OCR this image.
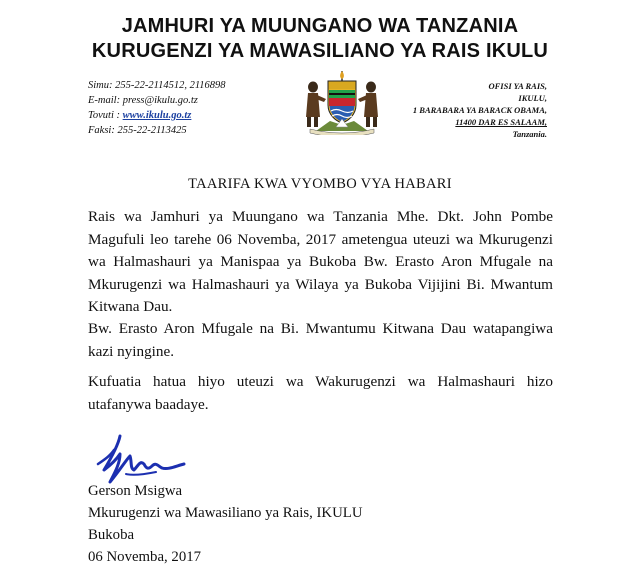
JAMHURI YA MUUNGANO WA TANZANIA
KURUGENZI YA MAWASILIANO YA RAIS IKULU
Simu: 255-22-2114512, 2116898
E-mail: press@ikulu.go.tz
Tovuti : www.ikulu.go.tz
Faksi: 255-22-2113425
OFISI YA RAIS,
IKULU,
1 BARABARA YA BARACK OBAMA,
11400 DAR ES SALAAM,
Tanzania.
TAARIFA KWA VYOMBO VYA HABARI
Rais wa Jamhuri ya Muungano wa Tanzania Mhe. Dkt. John Pombe Magufuli leo tarehe 06 Novemba, 2017 ametengua uteuzi wa Mkurugenzi wa Halmashauri ya Manispaa ya Bukoba Bw. Erasto Aron Mfugale na Mkurugenzi wa Halmashauri ya Wilaya ya Bukoba Vijijini Bi. Mwantum Kitwana Dau.
Bw. Erasto Aron Mfugale na Bi. Mwantumu Kitwana Dau watapangiwa kazi nyingine.
Kufuatia hatua hiyo uteuzi wa Wakurugenzi wa Halmashauri hizo utafanywa baadaye.
Gerson Msigwa
Mkurugenzi wa Mawasiliano ya Rais, IKULU
Bukoba
06 Novemba, 2017
